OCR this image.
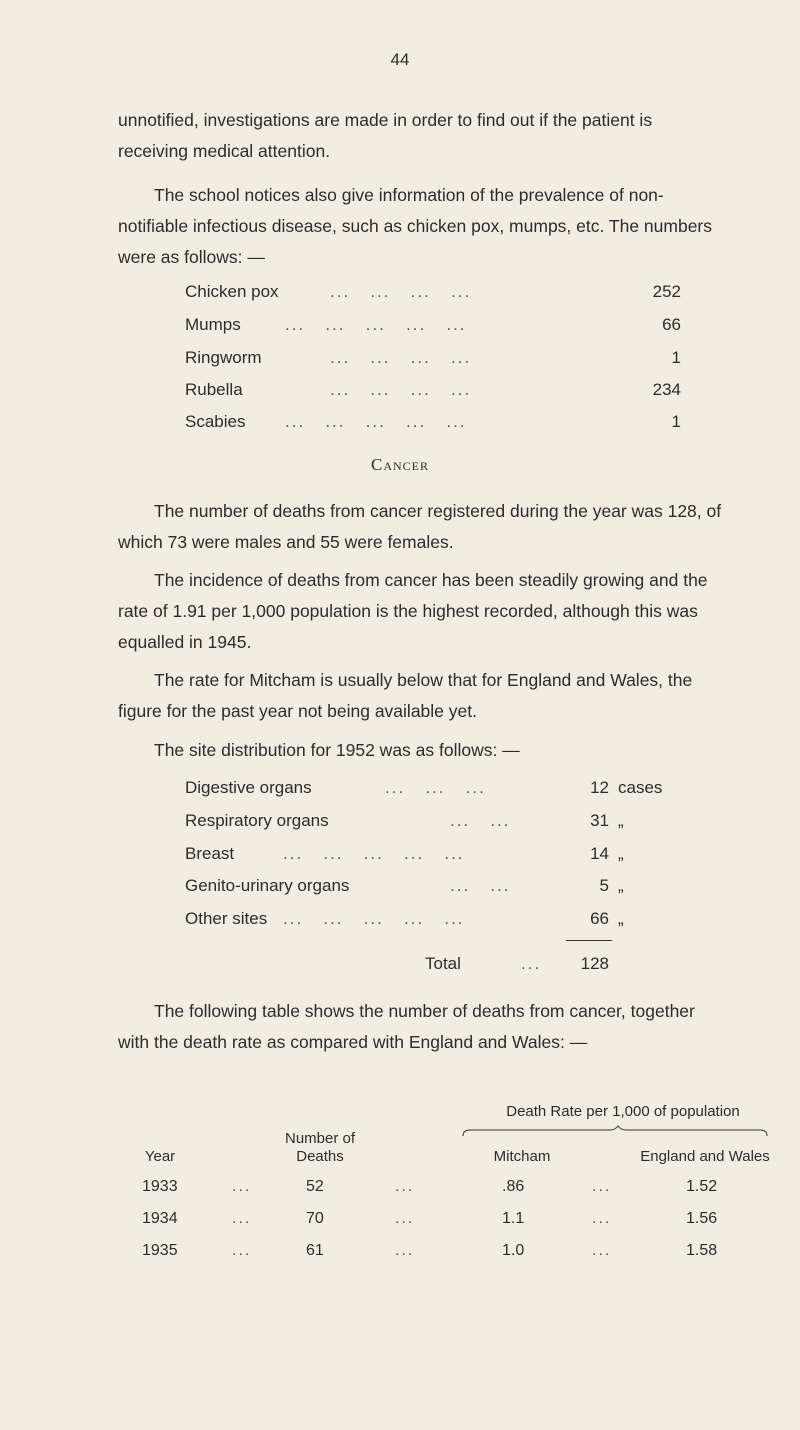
44

unnotified, investigations are made in order to find out if the patient is receiving medical attention.

The school notices also give information of the prevalence of non-notifiable infectious disease, such as chicken pox, mumps, etc. The numbers were as follows: —

Chicken pox	...   ...   ...   ...	252
Mumps	...   ...   ...   ...   ...	66
Ringworm	...   ...   ...   ...	1
Rubella	...   ...   ...   ...	234
Scabies ...   ...   ...   ...   ...	1
Cancer

The number of deaths from cancer registered during the year was 128, of which 73 were males and 55 were females.

The incidence of deaths from cancer has been steadily growing and the rate of 1.91 per 1,000 population is the highest recorded, although this was equalled in 1945.

The rate for Mitcham is usually below that for England and Wales, the figure for the past year not being available yet.

The site distribution for 1952 was as follows: —

Digestive organs	...   ...   ...	12 cases
Respiratory organs	...   ...	31 „
Breast	...   ...   ...   ...   ...	14 „
Genito-urinary organs	...   ...	5 „
Other sites ...   ...   ...   ...   ...	66 „
Total	...	128

The following table shows the number of deaths from cancer, together with the death rate as compared with England and Wales: —

Death Rate per 1,000 of population
Number of
Deaths
Year	Mitcham	England and Wales
1933	...	52	...	.86	...	1.52
1934	...	70	...	1.1	...	1.56
1935	...	61	...	1.0	...	1.58
